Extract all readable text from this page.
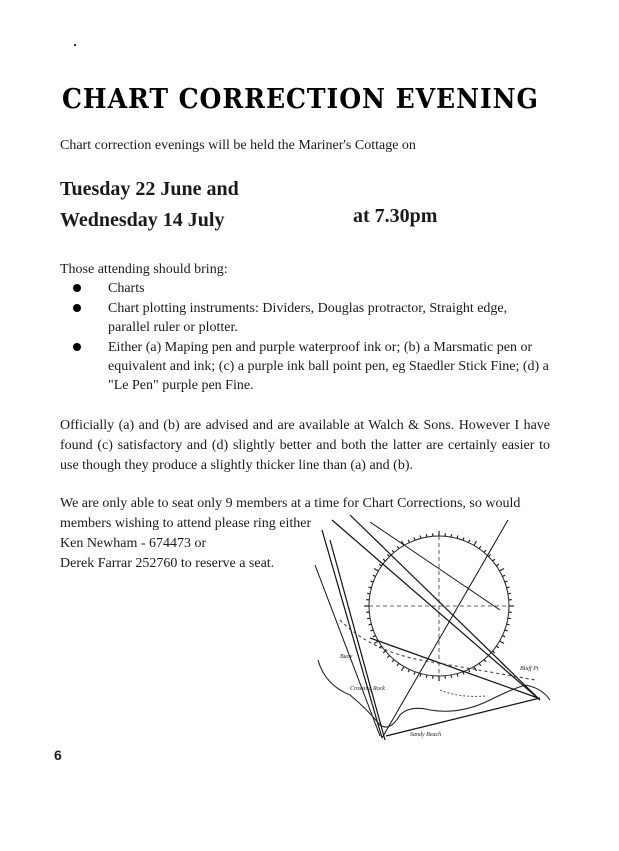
CHART CORRECTION EVENING
Chart correction evenings will be held the Mariner's Cottage on
Tuesday 22 June and
Wednesday 14 July	at 7.30pm
Those attending should bring:
Charts
Chart plotting instruments: Dividers, Douglas protractor, Straight edge, parallel ruler or plotter.
Either (a) Maping pen and purple waterproof ink or; (b) a Marsmatic pen or equivalent and ink; (c) a purple ink ball point pen, eg Staedler Stick Fine; (d) a "Le Pen" purple pen Fine.
Officially (a) and (b) are advised and are available at Walch & Sons. However I have found (c) satisfactory and (d) slightly better and both the latter are certainly easier to use though they produce a slightly thicker line than (a) and (b).
We are only able to seat only 9 members at a time for Chart Corrections, so would
members wishing to attend please ring either
Ken Newham - 674473 or
Derek Farrar 252760 to reserve a seat.
Bluff Pt
Crossing Rock
Sandy Beach
Buoy
6
